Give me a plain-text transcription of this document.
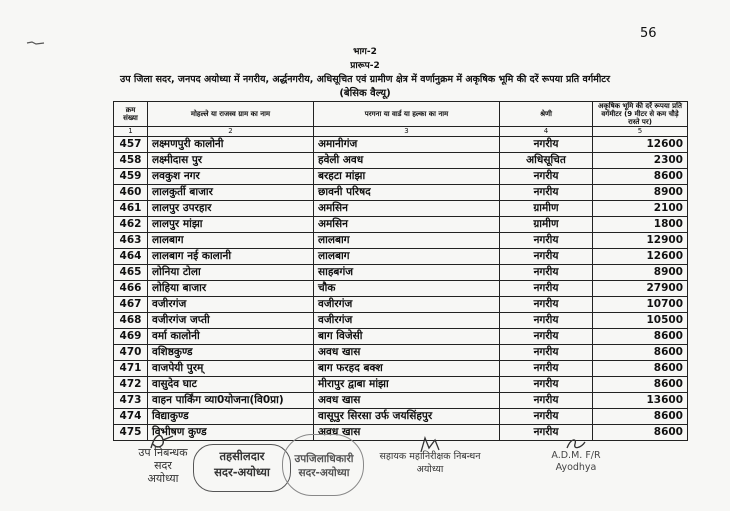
56
भाग-2
प्रारूप-2
उप जिला सदर, जनपद अयोध्या में नगरीय, अर्द्धनगरीय, अधिसूचित एवं ग्रामीण क्षेत्र में वर्णानुक्रम में अकृषिक भूमि की दरें रूपया प्रति वर्गमीटर
(बेसिक वैल्यू)
क्रम संख्या	मोहल्ले या राजस्व ग्राम का नाम	परगना या वार्ड या हल्का का नाम	श्रेणी	अकृषिक भूमि की दरें रूपया प्रति वर्गमीटर (9 मीटर से कम चौड़े रास्ते पर)
1	2	3	4	5
457	लक्ष्मणपुरी कालोनी	अमानीगंज	नगरीय	12600
458	लक्ष्मीदास पुर	हवेली अवध	अधिसूचित	2300
459	लवकुश नगर	बरहटा मांझा	नगरीय	8600
460	लालकुर्ती बाजार	छावनी परिषद	नगरीय	8900
461	लालपुर उपरहार	अमसिन	ग्रामीण	2100
462	लालपुर मांझा	अमसिन	ग्रामीण	1800
463	लालबाग	लालबाग	नगरीय	12900
464	लालबाग नई कालानी	लालबाग	नगरीय	12600
465	लोनिया टोला	साहबगंज	नगरीय	8900
466	लोहिया बाजार	चौक	नगरीय	27900
467	वजीरगंज	वजीरगंज	नगरीय	10700
468	वजीरगंज जप्ती	वजीरगंज	नगरीय	10500
469	वर्मा कालोनी	बाग विजेसी	नगरीय	8600
470	वशिष्ठकुण्ड	अवध खास	नगरीय	8600
471	वाजपेयी पुरम्	बाग फरहद बक्श	नगरीय	8600
472	वासुदेव घाट	मीरापुर द्वाबा मांझा	नगरीय	8600
473	वाहन पार्किंग व्या0योजना(वि0प्रा)	अवध खास	नगरीय	13600
474	विद्याकुण्ड	वासूपुर सिरसा उर्फ जयसिंहपुर	नगरीय	8600
475	विभीषण कुण्ड	अवध खास	नगरीय	8600
उप निबन्धक
सदर
अयोध्या
तहसीलदार
सदर-अयोध्या
उपजिलाधिकारी
सदर-अयोध्या
सहायक महानिरीक्षक निबन्धन
अयोध्या
A.D.M. F/R
Ayodhya
